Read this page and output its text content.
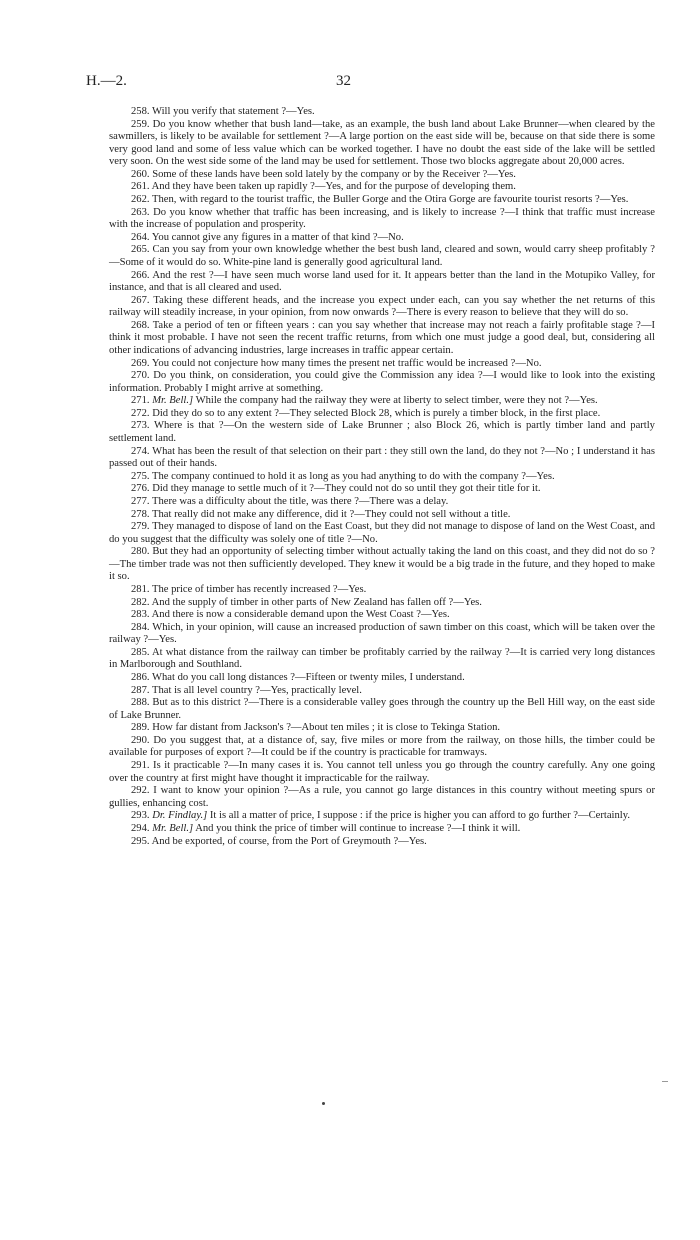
H.—2.	32

258. Will you verify that statement ?—Yes.

259. Do you know whether that bush land—take, as an example, the bush land about Lake Brunner—when cleared by the sawmillers, is likely to be available for settlement ?—A large portion on the east side will be, because on that side there is some very good land and some of less value which can be worked together. I have no doubt the east side of the lake will be settled very soon. On the west side some of the land may be used for settlement. Those two blocks aggregate about 20,000 acres.

260. Some of these lands have been sold lately by the company or by the Receiver ?—Yes.

261. And they have been taken up rapidly ?—Yes, and for the purpose of developing them.

262. Then, with regard to the tourist traffic, the Buller Gorge and the Otira Gorge are favourite tourist resorts ?—Yes.

263. Do you know whether that traffic has been increasing, and is likely to increase ?—I think that traffic must increase with the increase of population and prosperity.

264. You cannot give any figures in a matter of that kind ?—No.

265. Can you say from your own knowledge whether the best bush land, cleared and sown, would carry sheep profitably ?—Some of it would do so. White-pine land is generally good agricultural land.

266. And the rest ?—I have seen much worse land used for it. It appears better than the land in the Motupiko Valley, for instance, and that is all cleared and used.

267. Taking these different heads, and the increase you expect under each, can you say whether the net returns of this railway will steadily increase, in your opinion, from now onwards ?—There is every reason to believe that they will do so.

268. Take a period of ten or fifteen years : can you say whether that increase may not reach a fairly profitable stage ?—I think it most probable. I have not seen the recent traffic returns, from which one must judge a good deal, but, considering all other indications of advancing industries, large increases in traffic appear certain.

269. You could not conjecture how many times the present net traffic would be increased ?—No.

270. Do you think, on consideration, you could give the Commission any idea ?—I would like to look into the existing information. Probably I might arrive at something.

271. Mr. Bell.] While the company had the railway they were at liberty to select timber, were they not ?—Yes.

272. Did they do so to any extent ?—They selected Block 28, which is purely a timber block, in the first place.

273. Where is that ?—On the western side of Lake Brunner ; also Block 26, which is partly timber land and partly settlement land.

274. What has been the result of that selection on their part : they still own the land, do they not ?—No ; I understand it has passed out of their hands.

275. The company continued to hold it as long as you had anything to do with the company ?—Yes.

276. Did they manage to settle much of it ?—They could not do so until they got their title for it.

277. There was a difficulty about the title, was there ?—There was a delay.

278. That really did not make any difference, did it ?—They could not sell without a title.

279. They managed to dispose of land on the East Coast, but they did not manage to dispose of land on the West Coast, and do you suggest that the difficulty was solely one of title ?—No.

280. But they had an opportunity of selecting timber without actually taking the land on this coast, and they did not do so ?—The timber trade was not then sufficiently developed. They knew it would be a big trade in the future, and they hoped to make it so.

281. The price of timber has recently increased ?—Yes.

282. And the supply of timber in other parts of New Zealand has fallen off ?—Yes.

283. And there is now a considerable demand upon the West Coast ?—Yes.

284. Which, in your opinion, will cause an increased production of sawn timber on this coast, which will be taken over the railway ?—Yes.

285. At what distance from the railway can timber be profitably carried by the railway ?—It is carried very long distances in Marlborough and Southland.

286. What do you call long distances ?—Fifteen or twenty miles, I understand.

287. That is all level country ?—Yes, practically level.

288. But as to this district ?—There is a considerable valley goes through the country up the Bell Hill way, on the east side of Lake Brunner.

289. How far distant from Jackson's ?—About ten miles ; it is close to Tekinga Station.

290. Do you suggest that, at a distance of, say, five miles or more from the railway, on those hills, the timber could be available for purposes of export ?—It could be if the country is practicable for tramways.

291. Is it practicable ?—In many cases it is. You cannot tell unless you go through the country carefully. Any one going over the country at first might have thought it impracticable for the railway.

292. I want to know your opinion ?—As a rule, you cannot go large distances in this country without meeting spurs or gullies, enhancing cost.

293. Dr. Findlay.] It is all a matter of price, I suppose : if the price is higher you can afford to go further ?—Certainly.

294. Mr. Bell.] And you think the price of timber will continue to increase ?—I think it will.

295. And be exported, of course, from the Port of Greymouth ?—Yes.
